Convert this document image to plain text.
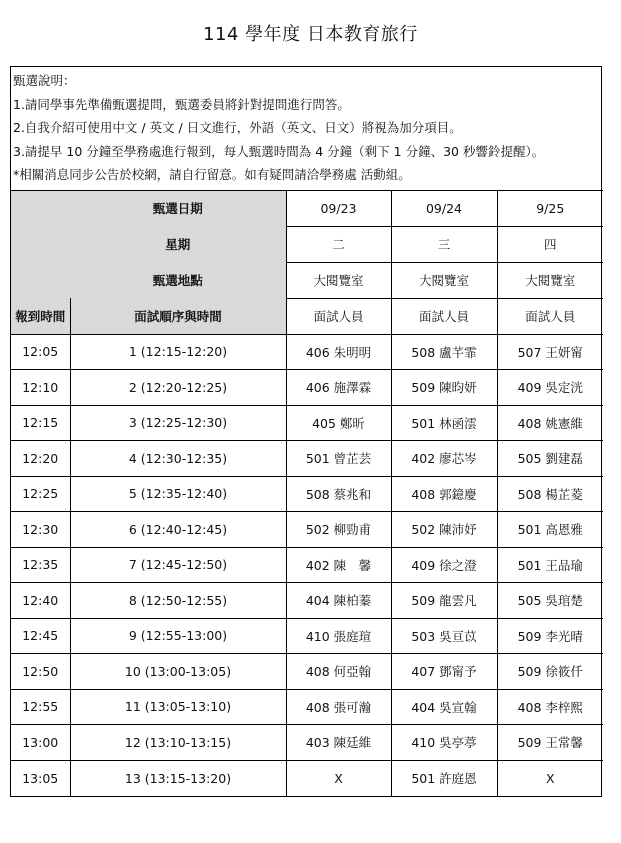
114 學年度 日本教育旅行
甄選說明：
1.請同學事先準備甄選提問，甄選委員將針對提問進行問答。
2.自我介紹可使用中文 / 英文 / 日文進行，外語（英文、日文）將視為加分項目。
3.請提早 10 分鐘至學務處進行報到，每人甄選時間為 4 分鐘（剩下 1 分鐘、30 秒響鈴提醒）。
*相關消息同步公告於校網，請自行留意。如有疑問請洽學務處 活動組。
	甄選日期	09/23	09/24	9/25
	星期	二	三	四
	甄選地點	大閱覽室	大閱覽室	大閱覽室
報到時間	面試順序與時間	面試人員	面試人員	面試人員
12:05	1 (12:15-12:20)	406 朱明明	508 盧芊霏	507 王妍甯
12:10	2 (12:20-12:25)	406 施澤霖	509 陳昀妍	409 吳定洸
12:15	3 (12:25-12:30)	405 鄭昕	501 林函澐	408 姚憲維
12:20	4 (12:30-12:35)	501 曾芷芸	402 廖芯岑	505 劉建磊
12:25	5 (12:35-12:40)	508 蔡兆和	408 郭鐿慶	508 楊芷菱
12:30	6 (12:40-12:45)	502 柳勁甫	502 陳沛妤	501 高恩雅
12:35	7 (12:45-12:50)	402 陳　馨	409 徐之澄	501 王品瑜
12:40	8 (12:50-12:55)	404 陳柏蓁	509 龍雲凡	505 吳琯楚
12:45	9 (12:55-13:00)	410 張庭瑄	503 吳亘苡	509 李光晴
12:50	10 (13:00-13:05)	408 何亞翰	407 鄧甯予	509 徐筱仟
12:55	11 (13:05-13:10)	408 張可瀚	404 吳宣翰	408 李梓熙
13:00	12 (13:10-13:15)	403 陳廷維	410 吳亭葶	509 王常馨
13:05	13 (13:15-13:20)	X	501 許庭恩	X
